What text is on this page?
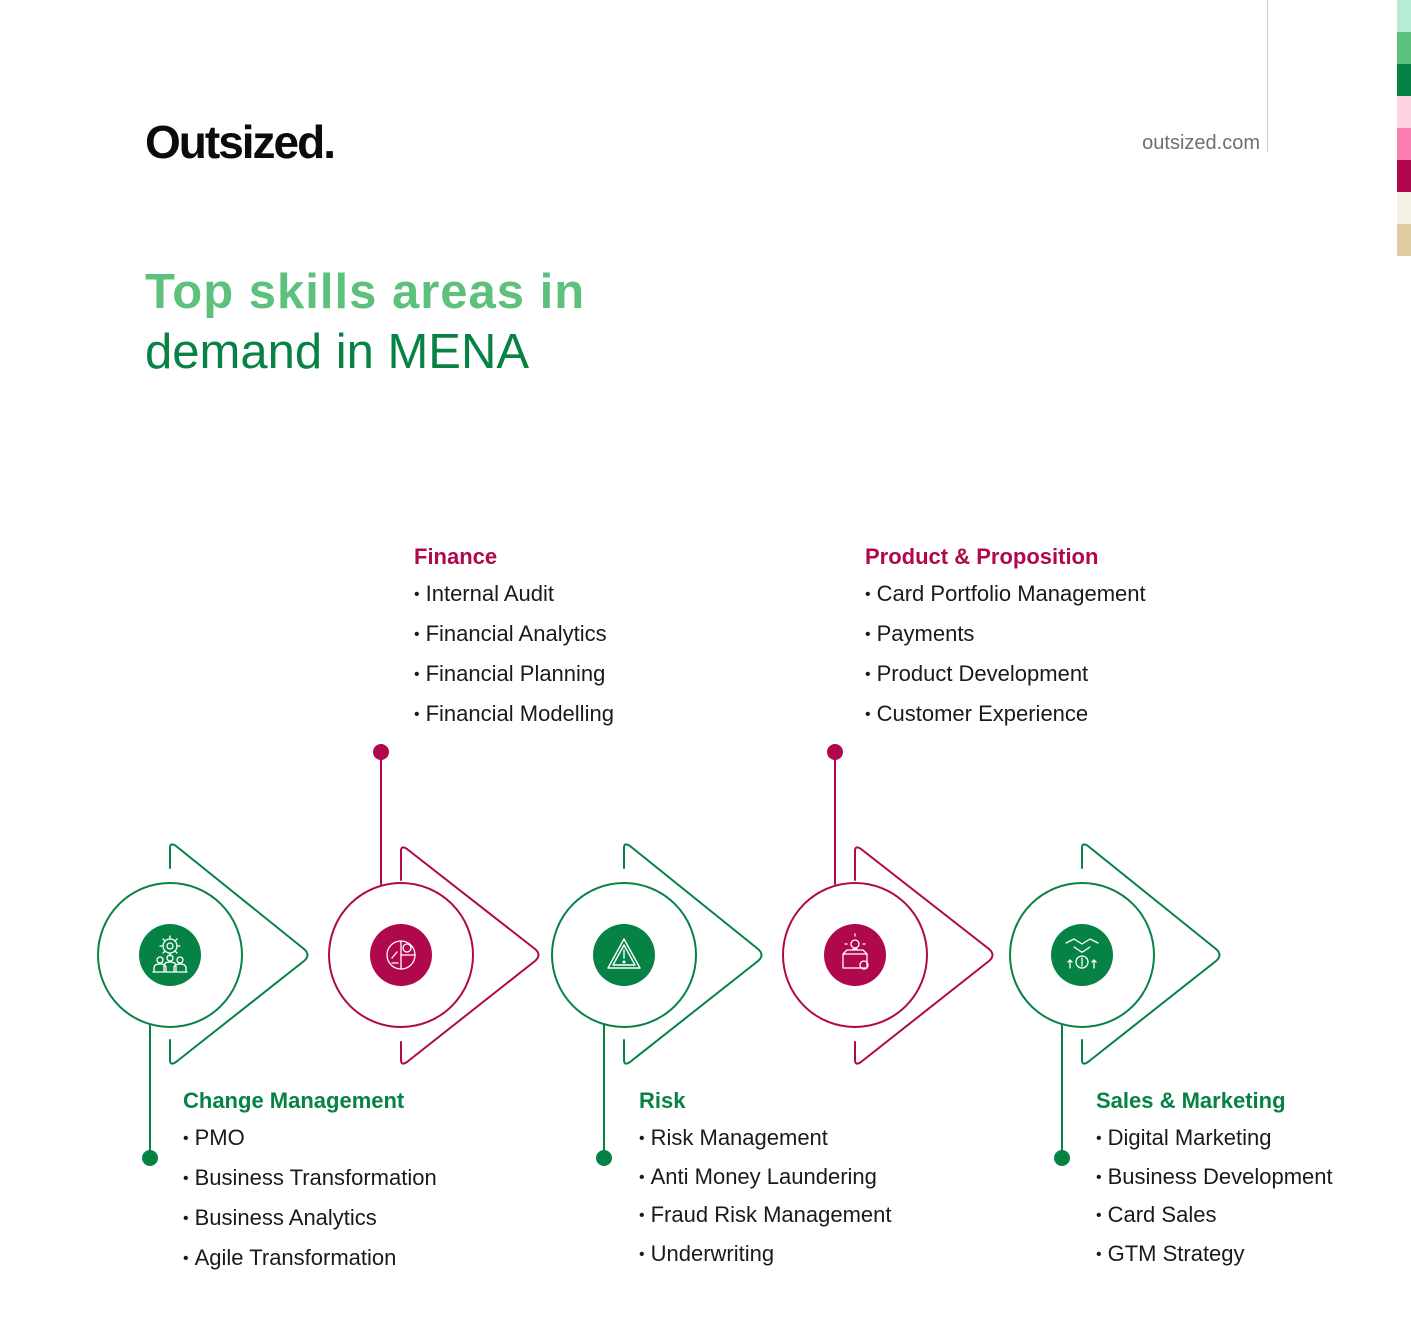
Outsized.	outsized.com
Top skills areas in
demand in MENA
Finance
• Internal Audit
• Financial Analytics
• Financial Planning
• Financial Modelling
Product & Proposition
• Card Portfolio Management
• Payments
• Product Development
• Customer Experience
Change Management
• PMO
• Business Transformation
• Business Analytics
• Agile Transformation
Risk
• Risk Management
• Anti Money Laundering
• Fraud Risk Management
• Underwriting
Sales & Marketing
• Digital Marketing
• Business Development
• Card Sales
• GTM Strategy
